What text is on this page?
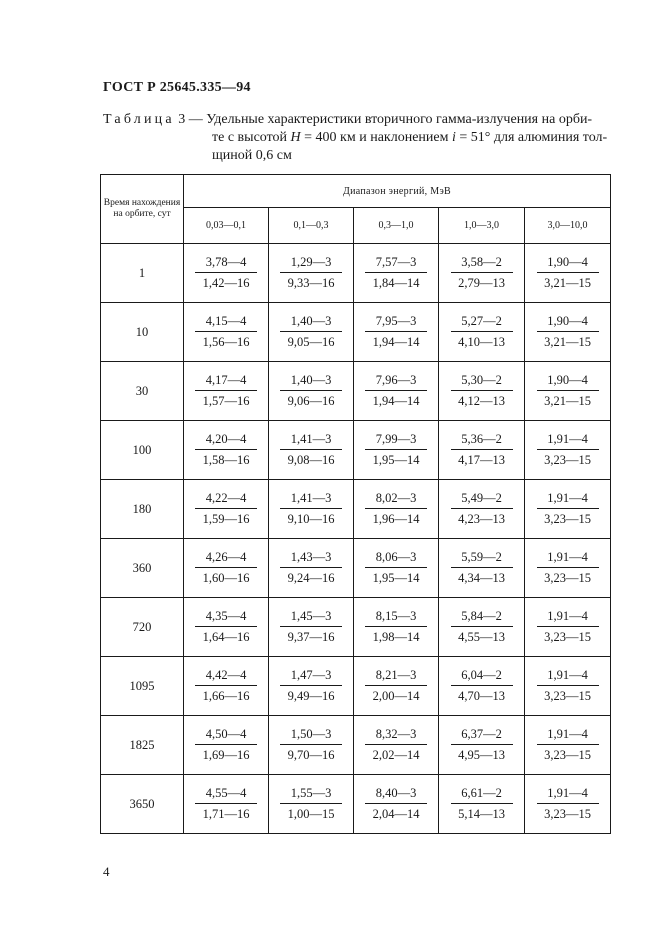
ГОСТ Р 25645.335—94
Таблица 3 — Удельные характеристики вторичного гамма-излучения на орби-
те с высотой H = 400 км и наклонением i = 51° для алюминия тол-
щиной 0,6 см
Время нахождения на орбите, сут	Диапазон энергий, МэВ				
	0,03—0,1	0,1—0,3	0,3—1,0	1,0—3,0	3,0—10,0
1	$\frac{3,78—4}{1,42—16}$	$\frac{1,29—3}{9,33—16}$	$\frac{7,57—3}{1,84—14}$	$\frac{3,58—2}{2,79—13}$	$\frac{1,90—4}{3,21—15}$

10	$\frac{4,15—4}{1,56—16}$	$\frac{1,40—3}{9,05—16}$	$\frac{7,95—3}{1,94—14}$	$\frac{5,27—2}{4,10—13}$	$\frac{1,90—4}{3,21—15}$

30	$\frac{4,17—4}{1,57—16}$	$\frac{1,40—3}{9,06—16}$	$\frac{7,96—3}{1,94—14}$	$\frac{5,30—2}{4,12—13}$	$\frac{1,90—4}{3,21—15}$

100	$\frac{4,20—4}{1,58—16}$	$\frac{1,41—3}{9,08—16}$	$\frac{7,99—3}{1,95—14}$	$\frac{5,36—2}{4,17—13}$	$\frac{1,91—4}{3,23—15}$

180	$\frac{4,22—4}{1,59—16}$	$\frac{1,41—3}{9,10—16}$	$\frac{8,02—3}{1,96—14}$	$\frac{5,49—2}{4,23—13}$	$\frac{1,91—4}{3,23—15}$

360	$\frac{4,26—4}{1,60—16}$	$\frac{1,43—3}{9,24—16}$	$\frac{8,06—3}{1,95—14}$	$\frac{5,59—2}{4,34—13}$	$\frac{1,91—4}{3,23—15}$

720	$\frac{4,35—4}{1,64—16}$	$\frac{1,45—3}{9,37—16}$	$\frac{8,15—3}{1,98—14}$	$\frac{5,84—2}{4,55—13}$	$\frac{1,91—4}{3,23—15}$

1095	$\frac{4,42—4}{1,66—16}$	$\frac{1,47—3}{9,49—16}$	$\frac{8,21—3}{2,00—14}$	$\frac{6,04—2}{4,70—13}$	$\frac{1,91—4}{3,23—15}$

1825	$\frac{4,50—4}{1,69—16}$	$\frac{1,50—3}{9,70—16}$	$\frac{8,32—3}{2,02—14}$	$\frac{6,37—2}{4,95—13}$	$\frac{1,91—4}{3,23—15}$

3650	$\frac{4,55—4}{1,71—16}$	$\frac{1,55—3}{1,00—15}$	$\frac{8,40—3}{2,04—14}$	$\frac{6,61—2}{5,14—13}$	$\frac{1,91—4}{3,23—15}$
4
